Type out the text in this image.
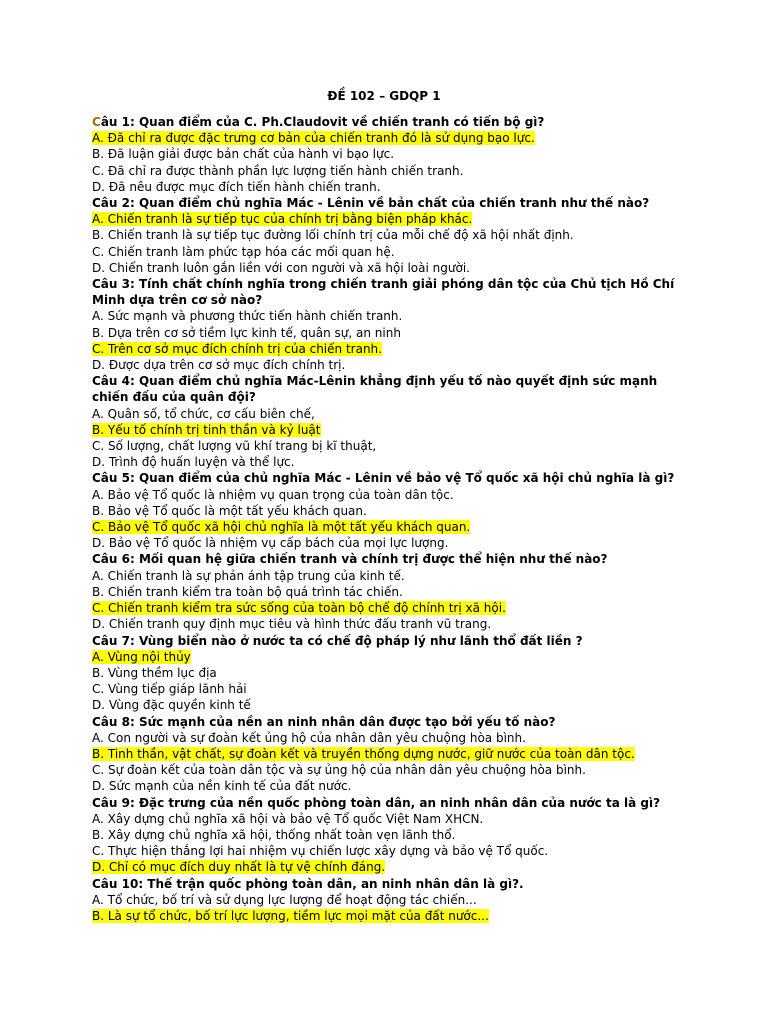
ĐỀ 102 – GDQP 1
Câu 1: Quan điểm của C. Ph.Claudovit về chiến tranh có tiến bộ gì?
A. Đã chỉ ra được đặc trưng cơ bản của chiến tranh đó là sử dụng bạo lực.
B. Đã luận giải được bản chất của hành vi bạo lực.
C. Đã chỉ ra được thành phần lực lượng tiến hành chiến tranh.
D. Đã nêu được mục đích tiến hành chiến tranh.
Câu 2: Quan điểm chủ nghĩa Mác - Lênin về bản chất của chiến tranh như thế nào?
A. Chiến tranh là sự tiếp tục của chính trị bằng biện pháp khác.
B. Chiến tranh là sự tiếp tục đường lối chính trị của mỗi chế độ xã hội nhất định.
C. Chiến tranh làm phức tạp hóa các mối quan hệ.
D. Chiến tranh luôn gắn liền với con người và xã hội loài người.
Câu 3: Tính chất chính nghĩa trong chiến tranh giải phóng dân tộc của Chủ tịch Hồ Chí Minh dựa trên cơ sở nào?
A. Sức mạnh và phương thức tiến hành chiến tranh.
B. Dựa trên cơ sở tiềm lực kinh tế, quân sự, an ninh
C. Trên cơ sở mục đích chính trị của chiến tranh.
D. Được dựa trên cơ sở mục đích chính trị.
Câu 4: Quan điểm chủ nghĩa Mác-Lênin khẳng định yếu tố nào quyết định sức mạnh chiến đấu của quân đội?
A. Quân số, tổ chức, cơ cấu biên chế,
B. Yếu tố chính trị tinh thần và kỷ luật
C. Số lượng, chất lượng vũ khí trang bị kĩ thuật,
D. Trình độ huấn luyện và thể lực.
Câu 5: Quan điểm của chủ nghĩa Mác - Lênin về bảo vệ Tổ quốc xã hội chủ nghĩa là gì?
A. Bảo vệ Tổ quốc là nhiệm vụ quan trọng của toàn dân tộc.
B. Bảo vệ Tổ quốc là một tất yếu khách quan.
C. Bảo vệ Tổ quốc xã hội chủ nghĩa là một tất yếu khách quan.
D. Bảo vệ Tổ quốc là nhiệm vụ cấp bách của mọi lực lượng.
Câu 6: Mối quan hệ giữa chiến tranh và chính trị được thể hiện như thế nào?
A. Chiến tranh là sự phản ánh tập trung của kinh tế.
B. Chiến tranh kiểm tra toàn bộ quá trình tác chiến.
C. Chiến tranh kiểm tra sức sống của toàn bộ chế độ chính trị xã hội.
D. Chiến tranh quy định mục tiêu và hình thức đấu tranh vũ trang.
Câu 7: Vùng biển nào ở nước ta có chế độ pháp lý như lãnh thổ đất liền ?
A. Vùng nội thủy
B. Vùng thềm lục địa
C. Vùng tiếp giáp lãnh hải
D. Vùng đặc quyền kinh tế
Câu 8: Sức mạnh của nền an ninh nhân dân được tạo bởi yếu tố nào?
A. Con người và sự đoàn kết ủng hộ của nhân dân yêu chuộng hòa bình.
B. Tinh thần, vật chất, sự đoàn kết và truyền thống dựng nước, giữ nước của toàn dân tộc.
C. Sự đoàn kết của toàn dân tộc và sự ủng hộ của nhân dân yêu chuộng hòa bình.
D. Sức mạnh của nền kinh tế của đất nước.
Câu 9: Đặc trưng của nền quốc phòng toàn dân, an ninh nhân dân của nước ta là gì?
A. Xây dựng chủ nghĩa xã hội và bảo vệ Tổ quốc Việt Nam XHCN.
B. Xây dựng chủ nghĩa xã hội, thống nhất toàn vẹn lãnh thổ.
C. Thực hiện thắng lợi hai nhiệm vụ chiến lược xây dựng và bảo vệ Tổ quốc.
D. Chỉ có mục đích duy nhất là tự vệ chính đáng.
Câu 10: Thế trận quốc phòng toàn dân, an ninh nhân dân là gì?.
A. Tổ chức, bố trí và sử dụng lực lượng để hoạt động tác chiến...
B. Là sự tổ chức, bố trí lực lượng, tiềm lực mọi mặt của đất nước...
